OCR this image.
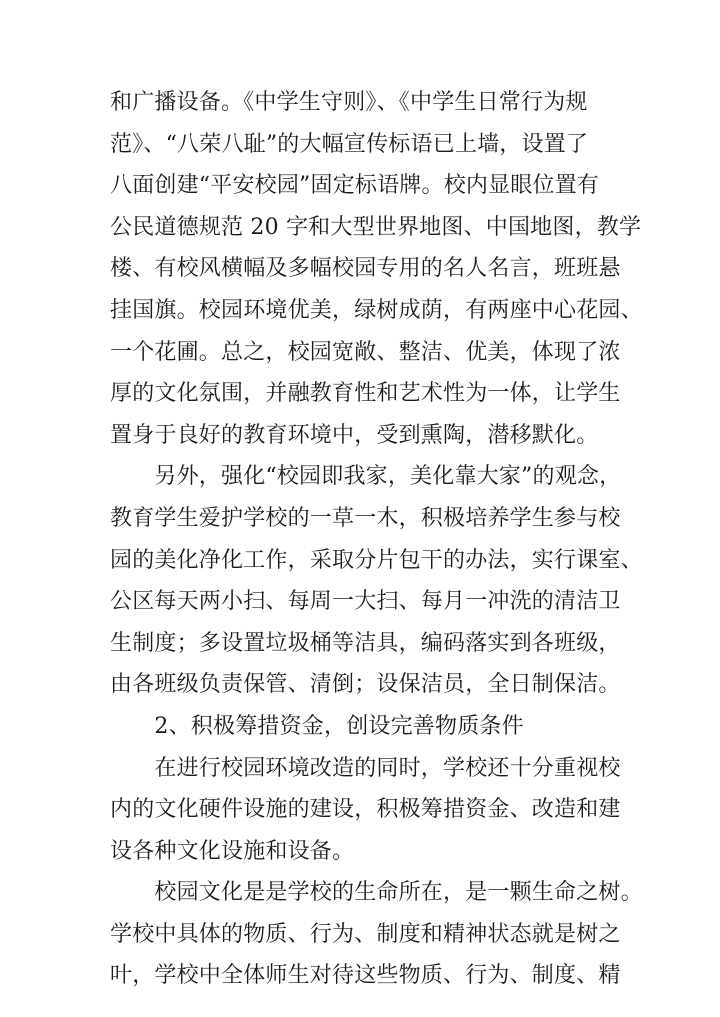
和广播设备。《中学生守则》、《中学生日常行为规
范》、“八荣八耻”的大幅宣传标语已上墙，设置了
八面创建“平安校园”固定标语牌。校内显眼位置有
公民道德规范 20 字和大型世界地图、中国地图，教学
楼、有校风横幅及多幅校园专用的名人名言，班班悬
挂国旗。校园环境优美，绿树成荫，有两座中心花园、
一个花圃。总之，校园宽敞、整洁、优美，体现了浓
厚的文化氛围，并融教育性和艺术性为一体，让学生
置身于良好的教育环境中，受到熏陶，潜移默化。
　　另外，强化“校园即我家，美化靠大家”的观念，
教育学生爱护学校的一草一木，积极培养学生参与校
园的美化净化工作，采取分片包干的办法，实行课室、
公区每天两小扫、每周一大扫、每月一冲洗的清洁卫
生制度；多设置垃圾桶等洁具，编码落实到各班级，
由各班级负责保管、清倒；设保洁员，全日制保洁。
　　2、积极筹措资金，创设完善物质条件
　　在进行校园环境改造的同时，学校还十分重视校
内的文化硬件设施的建设，积极筹措资金、改造和建
设各种文化设施和设备。
　　校园文化是是学校的生命所在，是一颗生命之树。
学校中具体的物质、行为、制度和精神状态就是树之
叶，学校中全体师生对待这些物质、行为、制度、精
